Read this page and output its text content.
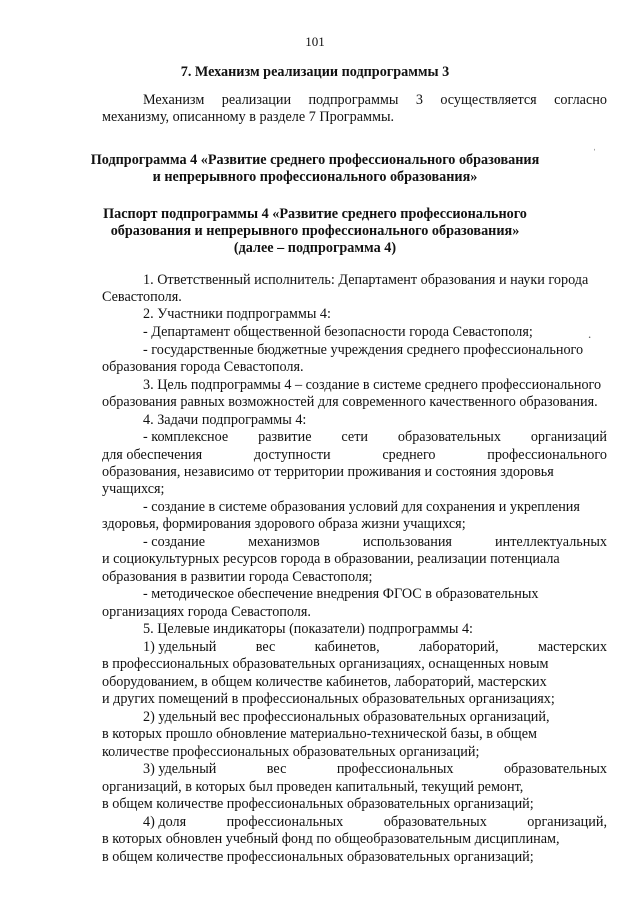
101
7. Механизм реализации подпрограммы 3
Механизм реализации подпрограммы 3 осуществляется согласно
механизму, описанному в разделе 7 Программы.
ˌ
Подпрограмма 4 «Развитие среднего профессионального образования
и непрерывного профессионального образования»
Паспорт подпрограммы 4 «Развитие среднего профессионального
образования и непрерывного профессионального образования»
(далее – подпрограмма 4)
1. Ответственный исполнитель: Департамент образования и науки города
Севастополя.
2. Участники подпрограммы 4:
- Департамент общественной безопасности города Севастополя;	.
- государственные бюджетные учреждения среднего профессионального
образования города Севастополя.
3. Цель подпрограммы 4 – создание в системе среднего профессионального
образования равных возможностей для современного качественного образования.
4. Задачи подпрограммы 4:
- комплексное развитие сети образовательных организаций
для обеспечения	доступности	среднего	профессионального
образования, независимо от территории проживания и состояния здоровья
учащихся;
- создание в системе образования условий для сохранения и укрепления
здоровья, формирования здорового образа жизни учащихся;
- создание	механизмов	использования	интеллектуальных
и социокультурных ресурсов города в образовании, реализации потенциала
образования в развитии города Севастополя;
- методическое обеспечение внедрения ФГОС в образовательных
организациях города Севастополя.
5. Целевые индикаторы (показатели) подпрограммы 4:
1) удельный	вес	кабинетов,	лабораторий,	мастерских
в профессиональных образовательных организациях, оснащенных новым
оборудованием, в общем количестве кабинетов, лабораторий, мастерских
и других помещений в профессиональных образовательных организациях;
2) удельный вес профессиональных образовательных организаций,
в которых прошло обновление материально-технической базы, в общем
количестве профессиональных образовательных организаций;
3) удельный	вес	профессиональных	образовательных
организаций, в которых был проведен капитальный, текущий ремонт,
в общем количестве профессиональных образовательных организаций;
4) доля	профессиональных	образовательных	организаций,
в которых обновлен учебный фонд по общеобразовательным дисциплинам,
в общем количестве профессиональных образовательных организаций;
